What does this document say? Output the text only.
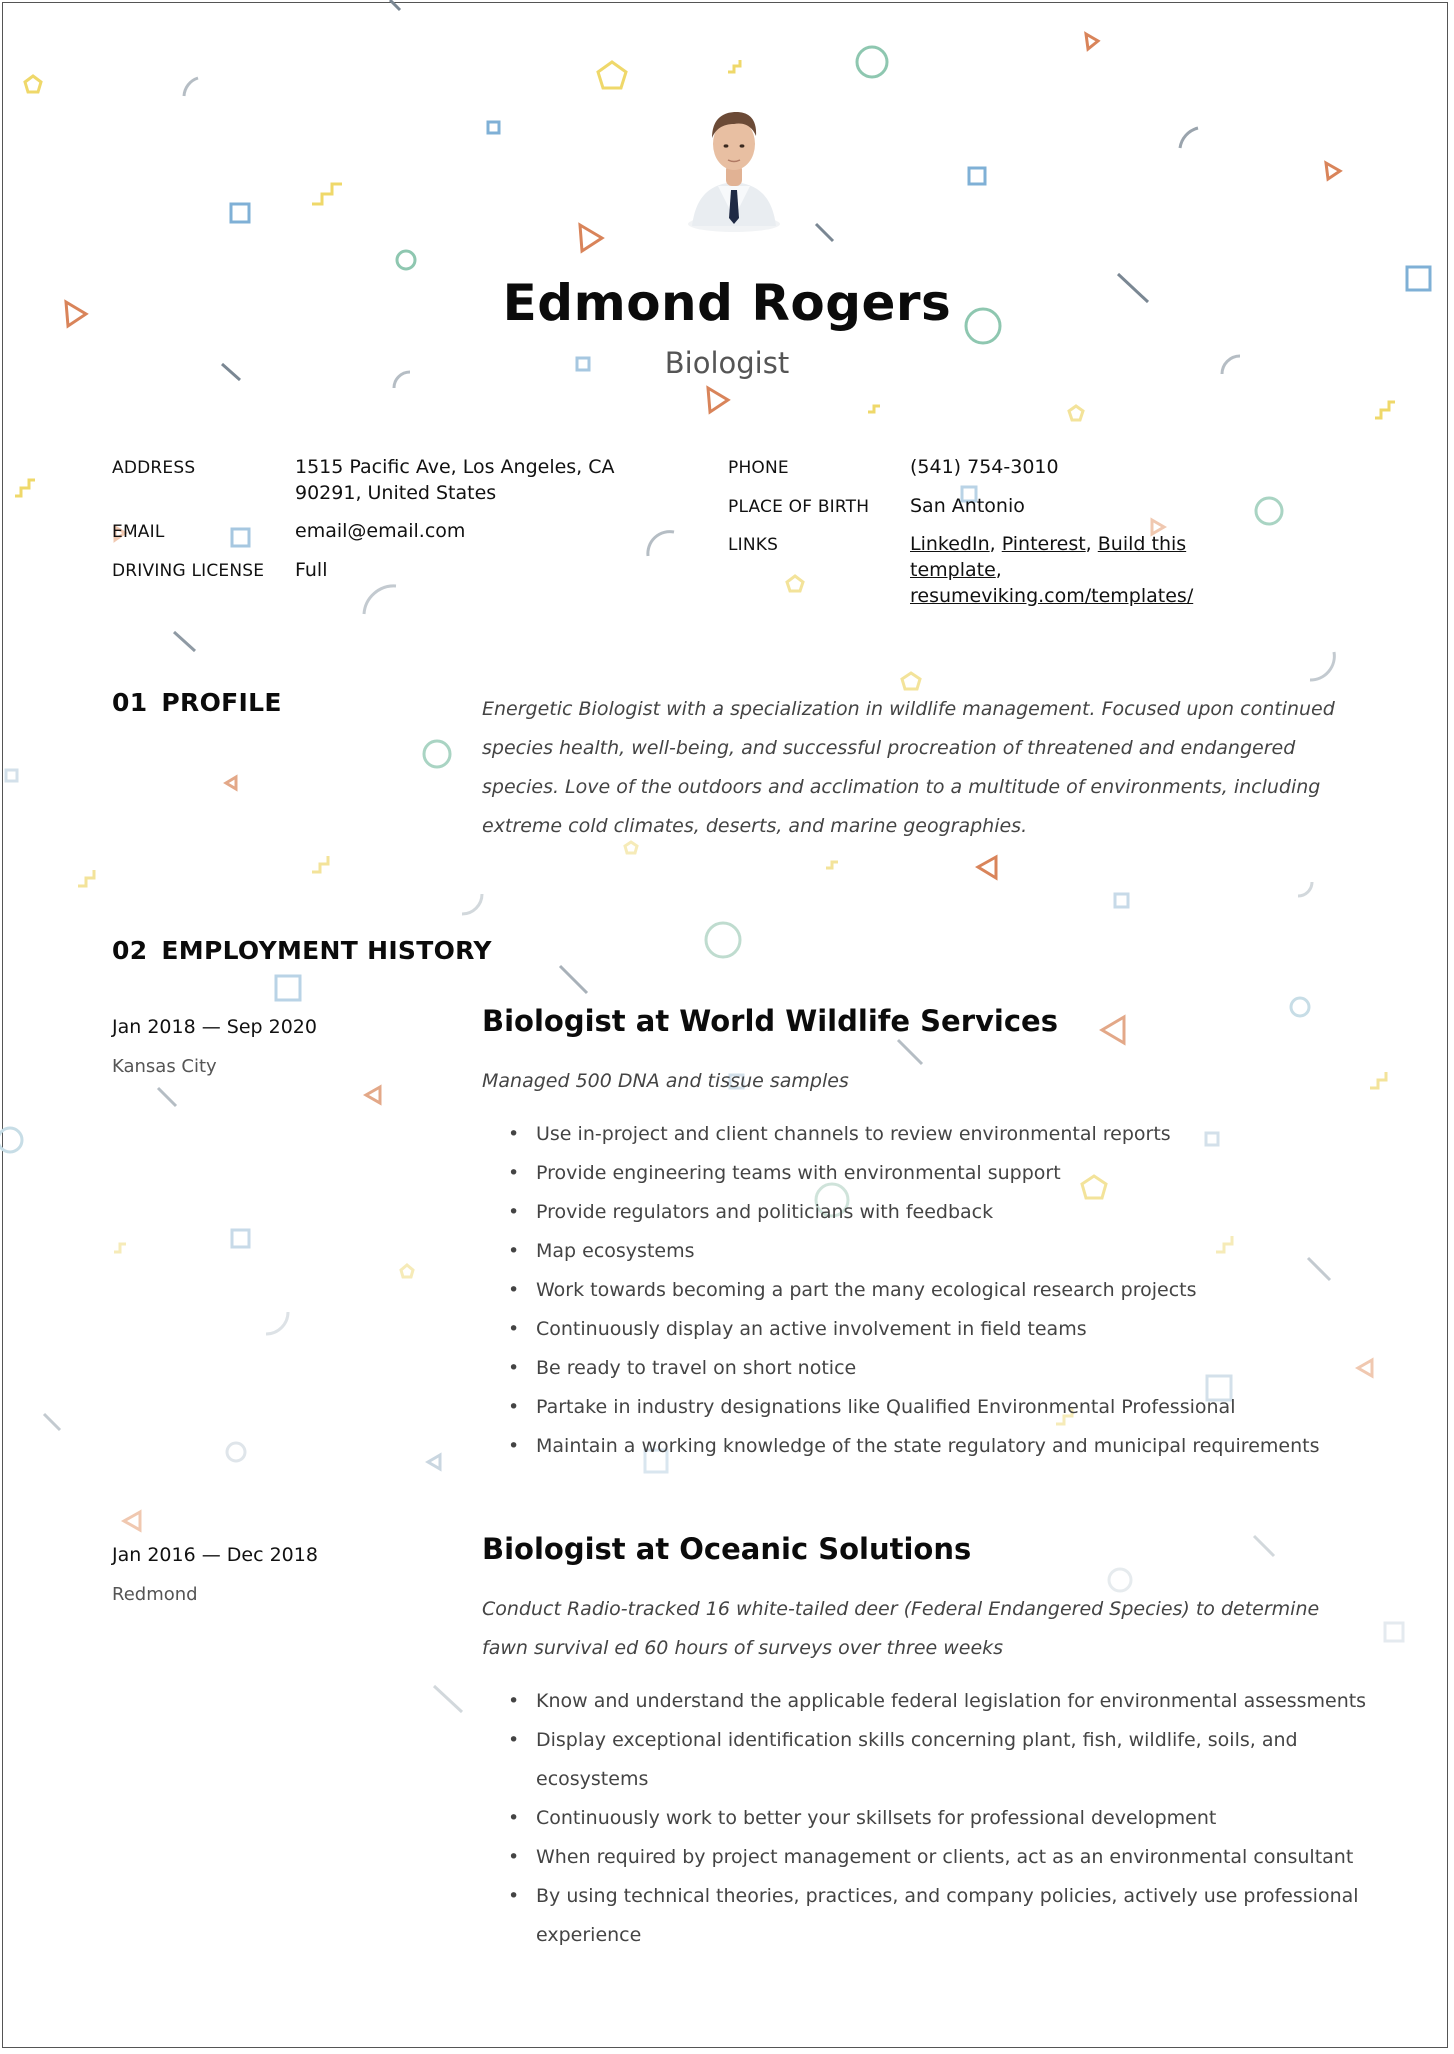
Edmond Rogers
Biologist
ADDRESS	1515 Pacific Ave, Los Angeles, CA
90291, United States
EMAIL	email@email.com
DRIVING LICENSE Full
PHONE	(541) 754-3010
PLACE OF BIRTH San Antonio
LINKS	LinkedIn, Pinterest, Build this
template,
resumeviking.com/templates/
01 PROFILE	Energetic Biologist with a specialization in wildlife management. Focused upon continued species health, well-being, and successful procreation of threatened and endangered species. Love of the outdoors and acclimation to a multitude of environments, including extreme cold climates, deserts, and marine geographies.
02 EMPLOYMENT HISTORY
Jan 2018 — Sep 2020
Kansas City
Biologist at World Wildlife Services
Managed 500 DNA and tissue samples
• Use in-project and client channels to review environmental reports
• Provide engineering teams with environmental support
• Provide regulators and politicians with feedback
• Map ecosystems
• Work towards becoming a part the many ecological research projects
• Continuously display an active involvement in field teams
• Be ready to travel on short notice
• Partake in industry designations like Qualified Environmental Professional
• Maintain a working knowledge of the state regulatory and municipal requirements
Jan 2016 — Dec 2018
Redmond
Biologist at Oceanic Solutions
Conduct Radio-tracked 16 white-tailed deer (Federal Endangered Species) to determine fawn survival ed 60 hours of surveys over three weeks
• Know and understand the applicable federal legislation for environmental assessments
• Display exceptional identification skills concerning plant, fish, wildlife, soils, and ecosystems
• Continuously work to better your skillsets for professional development
• When required by project management or clients, act as an environmental consultant
• By using technical theories, practices, and company policies, actively use professional experience
